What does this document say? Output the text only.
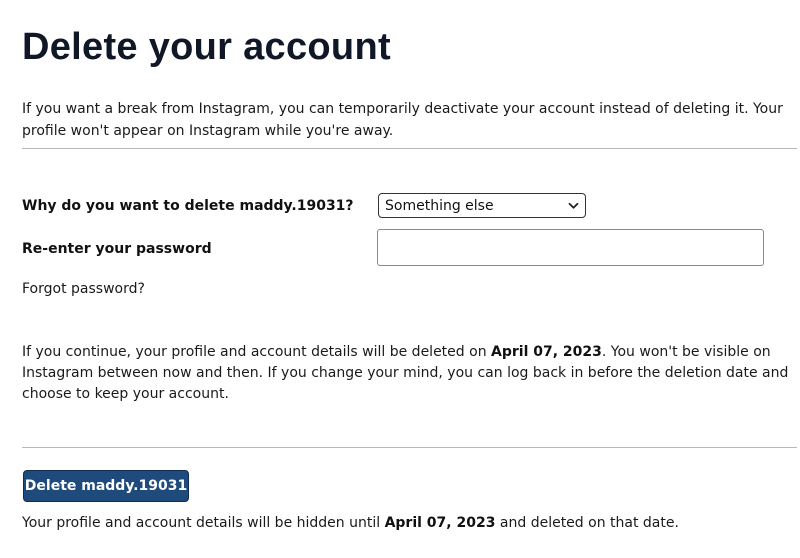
Delete your account

If you want a break from Instagram, you can temporarily deactivate your account instead of deleting it. Your profile won't appear on Instagram while you're away.

Why do you want to delete maddy.19031? Something else
Re-enter your password
Forgot password?

If you continue, your profile and account details will be deleted on April 07, 2023. You won't be visible on Instagram between now and then. If you change your mind, you can log back in before the deletion date and choose to keep your account.

Delete maddy.19031

Your profile and account details will be hidden until April 07, 2023 and deleted on that date.
